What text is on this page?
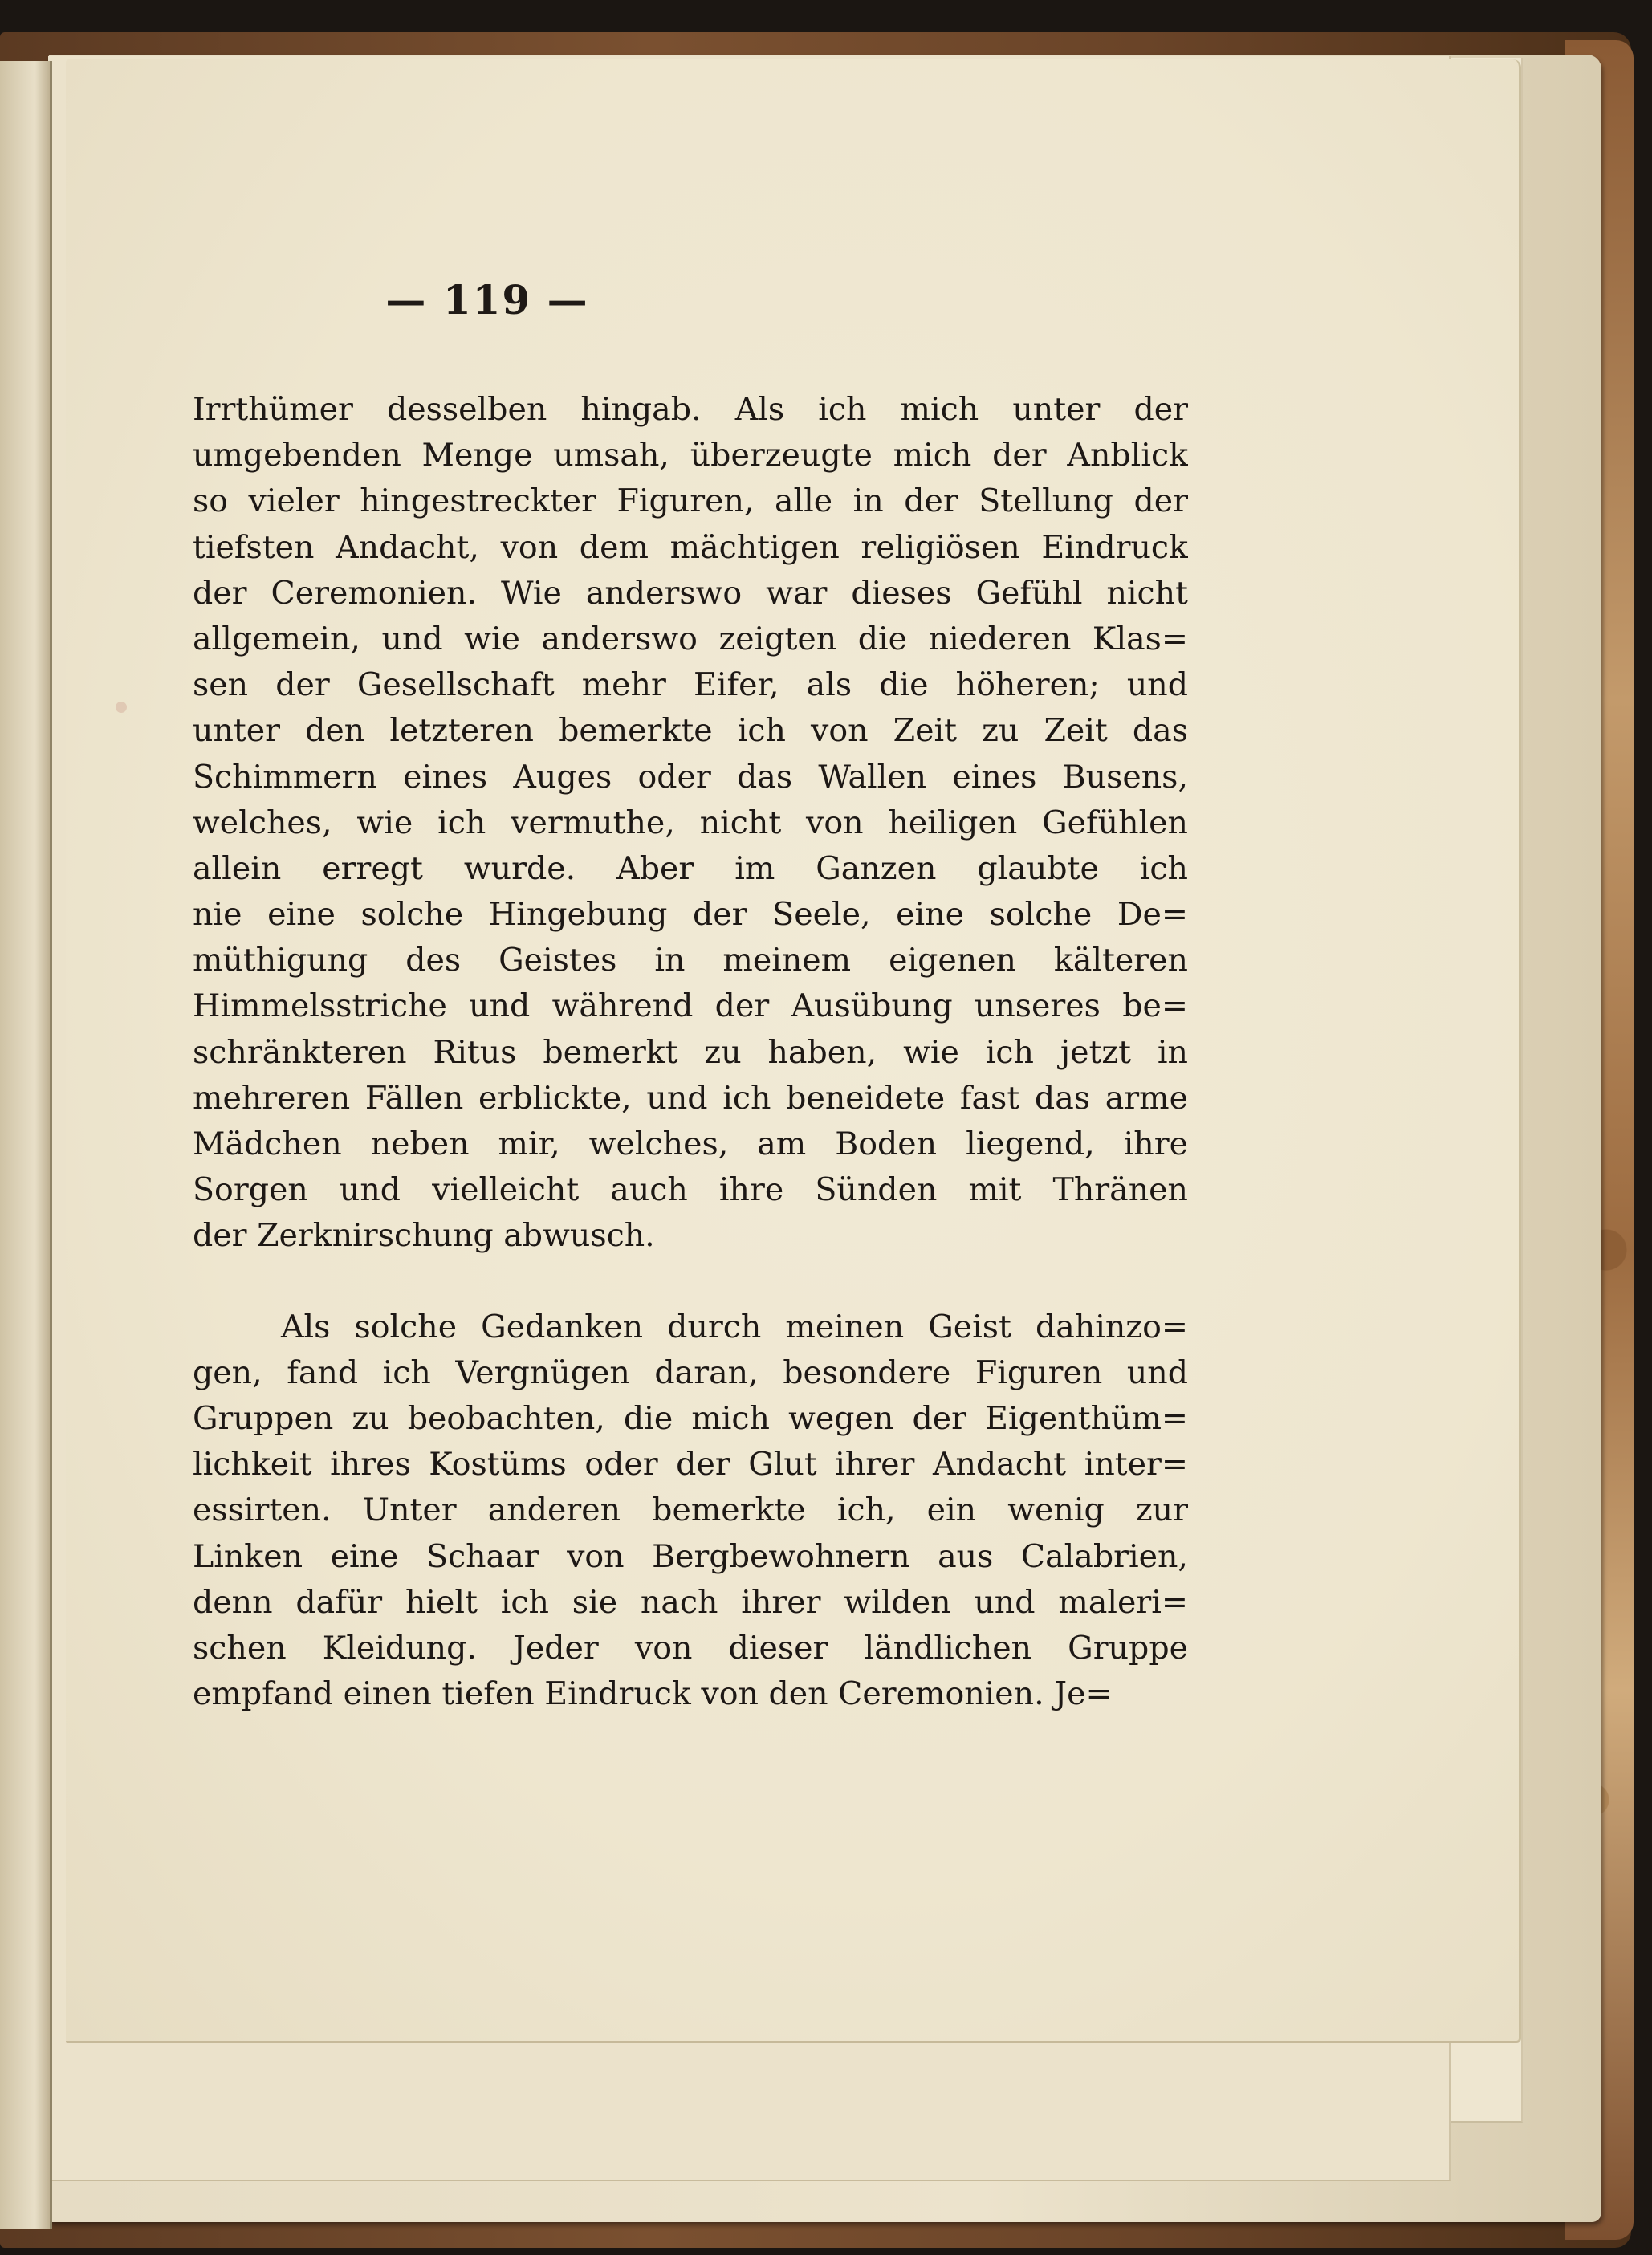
— 119 —
Irrthümer desselben hingab. Als ich mich unter der
umgebenden Menge umsah, überzeugte mich der Anblick
so vieler hingestreckter Figuren, alle in der Stellung der
tiefsten Andacht, von dem mächtigen religiösen Eindruck
der Ceremonien. Wie anderswo war dieses Gefühl nicht
allgemein, und wie anderswo zeigten die niederen Klas=
sen der Gesellschaft mehr Eifer, als die höheren; und
unter den letzteren bemerkte ich von Zeit zu Zeit das
Schimmern eines Auges oder das Wallen eines Busens,
welches, wie ich vermuthe, nicht von heiligen Gefühlen
allein erregt wurde. Aber im Ganzen glaubte ich
nie eine solche Hingebung der Seele, eine solche De=
müthigung des Geistes in meinem eigenen kälteren
Himmelsstriche und während der Ausübung unseres be=
schränkteren Ritus bemerkt zu haben, wie ich jetzt in
mehreren Fällen erblickte, und ich beneidete fast das arme
Mädchen neben mir, welches, am Boden liegend, ihre
Sorgen und vielleicht auch ihre Sünden mit Thränen
der Zerknirschung abwusch.
Als solche Gedanken durch meinen Geist dahinzo=
gen, fand ich Vergnügen daran, besondere Figuren und
Gruppen zu beobachten, die mich wegen der Eigenthüm=
lichkeit ihres Kostüms oder der Glut ihrer Andacht inter=
essirten. Unter anderen bemerkte ich, ein wenig zur
Linken eine Schaar von Bergbewohnern aus Calabrien,
denn dafür hielt ich sie nach ihrer wilden und maleri=
schen Kleidung. Jeder von dieser ländlichen Gruppe
empfand einen tiefen Eindruck von den Ceremonien. Je=
